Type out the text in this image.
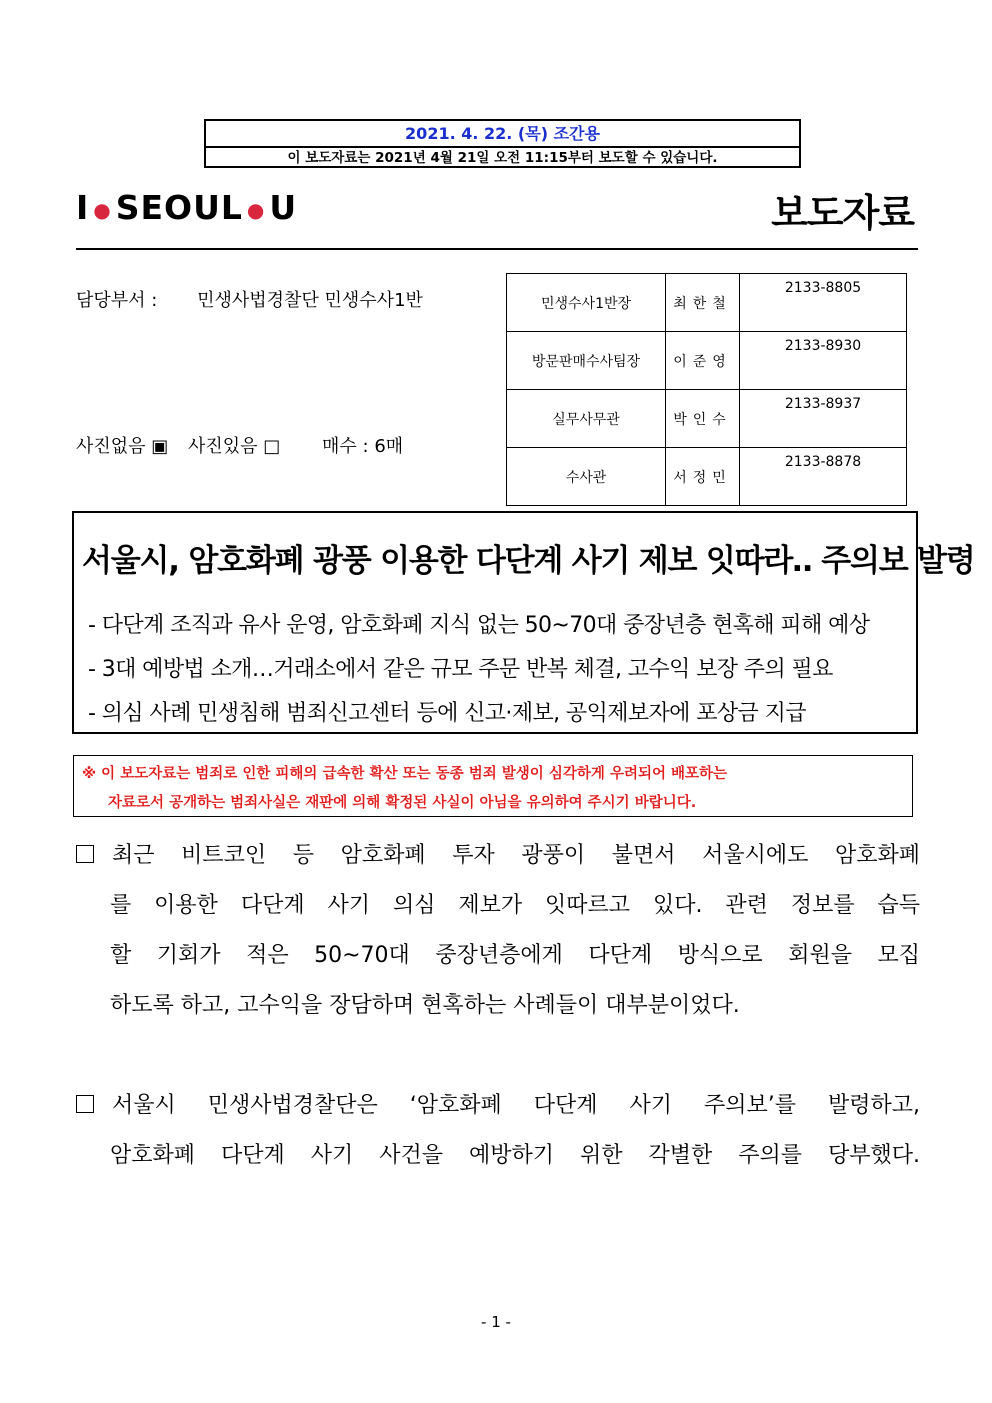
2021. 4. 22. (목) 조간용
이 보도자료는 2021년 4월 21일 오전 11:15부터 보도할 수 있습니다.
I ● SEOUL ● U	보도자료
담당부서 : 민생사법경찰단 민생수사1반
사진없음 ▣ 사진있음 □ 매수 : 6매
민생수사1반장	최한철	2133-8805
방문판매수사팀장	이준영	2133-8930
실무사무관	박인수	2133-8937
수사관	서정민	2133-8878
서울시, 암호화폐 광풍 이용한 다단계 사기 제보 잇따라‥ 주의보 발령
- 다단계 조직과 유사 운영, 암호화폐 지식 없는 50~70대 중장년층 현혹해 피해 예상
- 3대 예방법 소개…거래소에서 같은 규모 주문 반복 체결, 고수익 보장 주의 필요
- 의심 사례 민생침해 범죄신고센터 등에 신고·제보, 공익제보자에 포상금 지급
※ 이 보도자료는 범죄로 인한 피해의 급속한 확산 또는 동종 범죄 발생이 심각하게 우려되어 배포하는
자료로서 공개하는 범죄사실은 재판에 의해 확정된 사실이 아님을 유의하여 주시기 바랍니다.
최근 비트코인 등 암호화폐 투자 광풍이 불면서 서울시에도 암호화폐
를 이용한 다단계 사기 의심 제보가 잇따르고 있다. 관련 정보를 습득
할 기회가 적은 50~70대 중장년층에게 다단계 방식으로 회원을 모집
하도록 하고, 고수익을 장담하며 현혹하는 사례들이 대부분이었다.
서울시 민생사법경찰단은 ‘암호화폐 다단계 사기 주의보’를 발령하고,
암호화폐 다단계 사기 사건을 예방하기 위한 각별한 주의를 당부했다.
- 1 -
